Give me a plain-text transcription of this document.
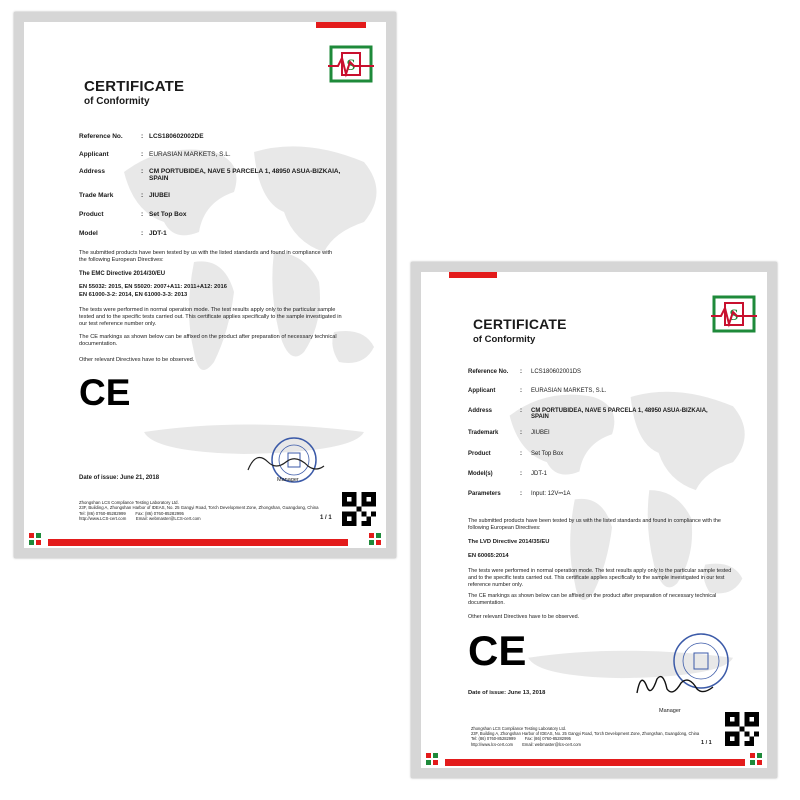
S
CERTIFICATE
of Conformity
Reference No.	: LCS180602002DE
Applicant	: EURASIAN MARKETS, S.L.
Address	: CM PORTUBIDEA, NAVE 5 PARCELA 1, 48950 ASUA-BIZKAIA,
SPAIN
Trade Mark	: JIUBEI
Product	: Set Top Box
Model	: JDT-1
The submitted products have been tested by us with the listed standards and found in compliance with the following European Directives:
The EMC Directive 2014/30/EU
EN 55032: 2015, EN 55020: 2007+A11: 2011+A12: 2016
EN 61000-3-2: 2014, EN 61000-3-3: 2013
The tests were performed in normal operation mode. The test results apply only to the particular sample tested and to the specific tests carried out. This certificate applies specifically to the sample investigated in our test reference number only.
The CE markings as shown below can be affixed on the product after preparation of necessary technical documentation.
Other relevant Directives have to be observed.
CE
Manager
Date of issue: June 21, 2018
Zhongshan LCS Compliance Testing Laboratory Ltd.
23F, Building A, Zhongshan Harbor of IDEAS, No. 25 Gangyi Road, Torch Development Zone, Zhongshan, Guangdong, China
Tel: (86) 0760-85282999 Fax: (86) 0760-85282995
http://www.LCS-cert.com Email: webmaster@LCS-cert.com	1 / 1
S
CERTIFICATE
of Conformity
Reference No.	:	LCS180602001DS
Applicant	:	EURASIAN MARKETS, S.L.
Address	:	CM PORTUBIDEA, NAVE 5 PARCELA 1, 48950 ASUA-BIZKAIA,
SPAIN
Trademark	:	JIUBEI
Product	:	Set Top Box
Model(s)	:	JDT-1
Parameters	:	Input: 12V⎓1A
The submitted products have been tested by us with the listed standards and found in compliance with the following European Directives:
The LVD Directive 2014/35/EU
EN 60065:2014
The tests were performed in normal operation mode. The test results apply only to the particular sample tested and to the specific tests carried out. This certificate applies specifically to the sample investigated in our test reference number only.
The CE markings as shown below can be affixed on the product after preparation of necessary technical documentation.
Other relevant Directives have to be observed.
CE
Manager
Date of issue: June 13, 2018
Zhongshan LCS Compliance Testing Laboratory Ltd.
23F, Building A, Zhongshan Harbor of IDEAS, No. 25 Gangyi Road, Torch Development Zone, Zhongshan, Guangdong, China
Tel: (86) 0760-85282999 Fax: (86) 0760-85282995
http://www.lcs-cert.com Email: webmaster@lcs-cert.com	1 / 1
